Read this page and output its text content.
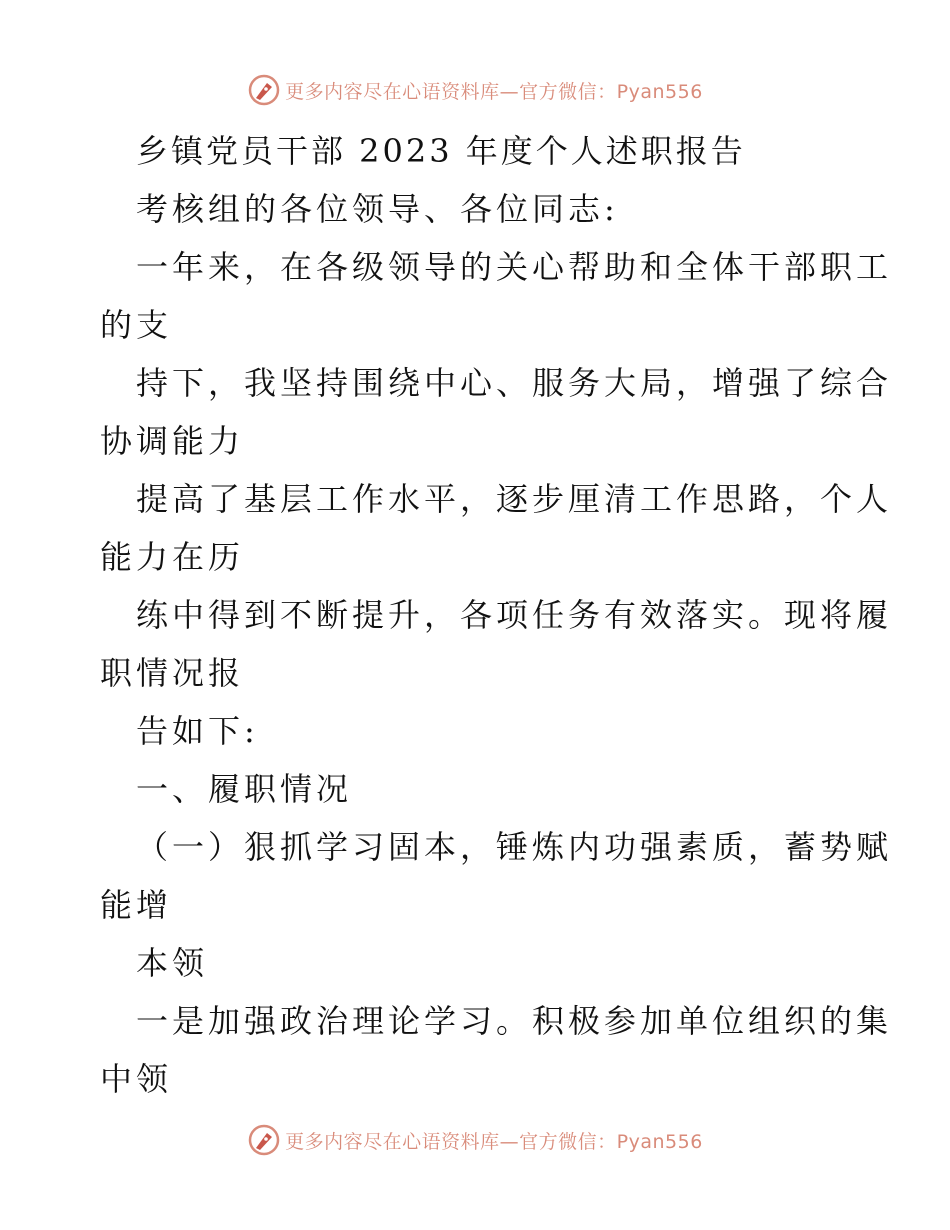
更多内容尽在心语资料库—官方微信：Pyan556
乡镇党员干部 2023 年度个人述职报告
考核组的各位领导、各位同志:
一年来，在各级领导的关心帮助和全体干部职工
的支
持下，我坚持围绕中心、服务大局，增强了综合
协调能力
提高了基层工作水平，逐步厘清工作思路，个人
能力在历
练中得到不断提升，各项任务有效落实。现将履
职情况报
告如下:
一、履职情况
（一）狠抓学习固本，锤炼内功强素质，蓄势赋
能增
本领
一是加强政治理论学习。积极参加单位组织的集
中领
更多内容尽在心语资料库—官方微信：Pyan556
